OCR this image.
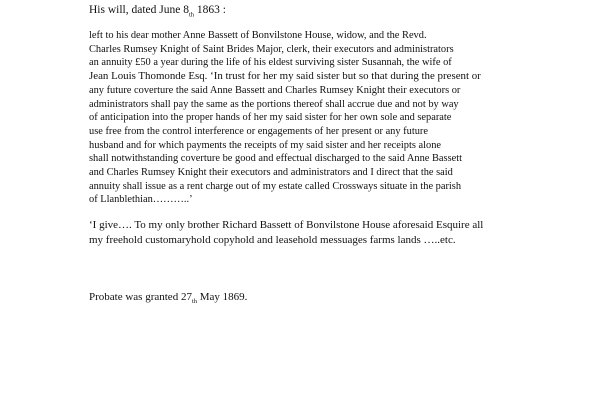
His will, dated June $8_{th}$ 1863 :
left to his dear mother Anne Bassett of Bonvilstone House, widow, and the Revd.
Charles Rumsey Knight of Saint Brides Major, clerk, their executors and administrators
an annuity £50 a year during the life of his eldest surviving sister Susannah, the wife of
Jean Louis Thomonde Esq. ‘In trust for her my said sister but so that during the present or
any future coverture the said Anne Bassett and Charles Rumsey Knight their executors or
administrators shall pay the same as the portions thereof shall accrue due and not by way
of anticipation into the proper hands of her my said sister for her own sole and separate
use free from the control interference or engagements of her present or any future
husband and for which payments the receipts of my said sister and her receipts alone
shall notwithstanding coverture be good and effectual discharged to the said Anne Bassett
and Charles Rumsey Knight their executors and administrators and I direct that the said
annuity shall issue as a rent charge out of my estate called Crossways situate in the parish
of Llanblethian………..’
‘I give…. To my only brother Richard Bassett of Bonvilstone House aforesaid Esquire all
my freehold customaryhold copyhold and leasehold messuages farms lands …..etc.
Probate was granted $27_{th}$ May 1869.
